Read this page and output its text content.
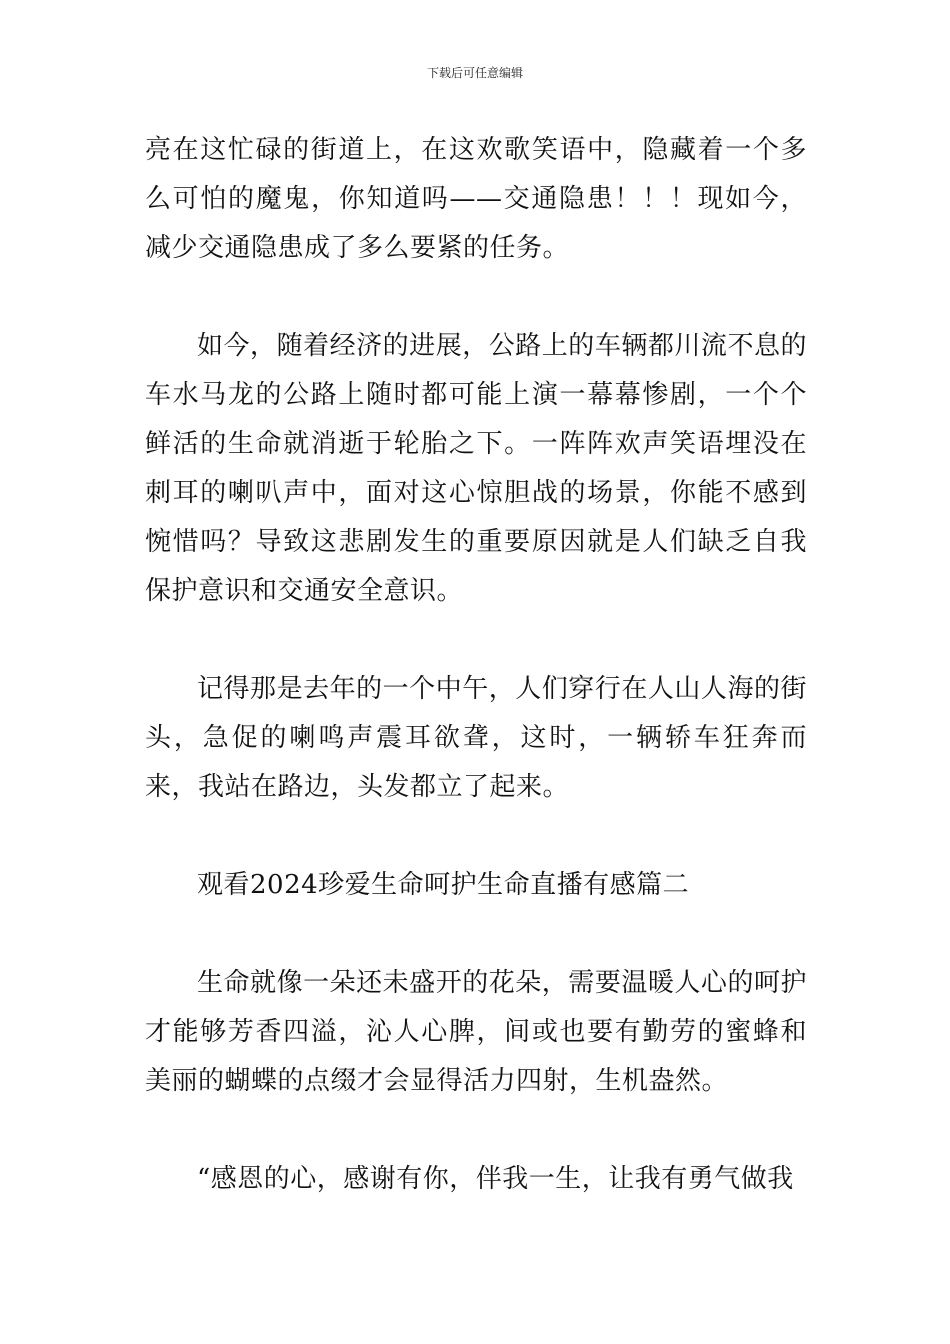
下载后可任意编辑

亮在这忙碌的街道上，在这欢歌笑语中，隐藏着一个多么可怕的魔鬼，你知道吗——交通隐患！！！现如今，减少交通隐患成了多么要紧的任务。

如今，随着经济的进展，公路上的车辆都川流不息的车水马龙的公路上随时都可能上演一幕幕惨剧，一个个鲜活的生命就消逝于轮胎之下。一阵阵欢声笑语埋没在刺耳的喇叭声中，面对这心惊胆战的场景，你能不感到惋惜吗？导致这悲剧发生的重要原因就是人们缺乏自我保护意识和交通安全意识。

记得那是去年的一个中午，人们穿行在人山人海的街头，急促的喇鸣声震耳欲聋，这时，一辆轿车狂奔而来，我站在路边，头发都立了起来。

观看2024珍爱生命呵护生命直播有感篇二

生命就像一朵还未盛开的花朵，需要温暖人心的呵护才能够芳香四溢，沁人心脾，间或也要有勤劳的蜜蜂和美丽的蝴蝶的点缀才会显得活力四射，生机盎然。

“感恩的心，感谢有你，伴我一生，让我有勇气做我
